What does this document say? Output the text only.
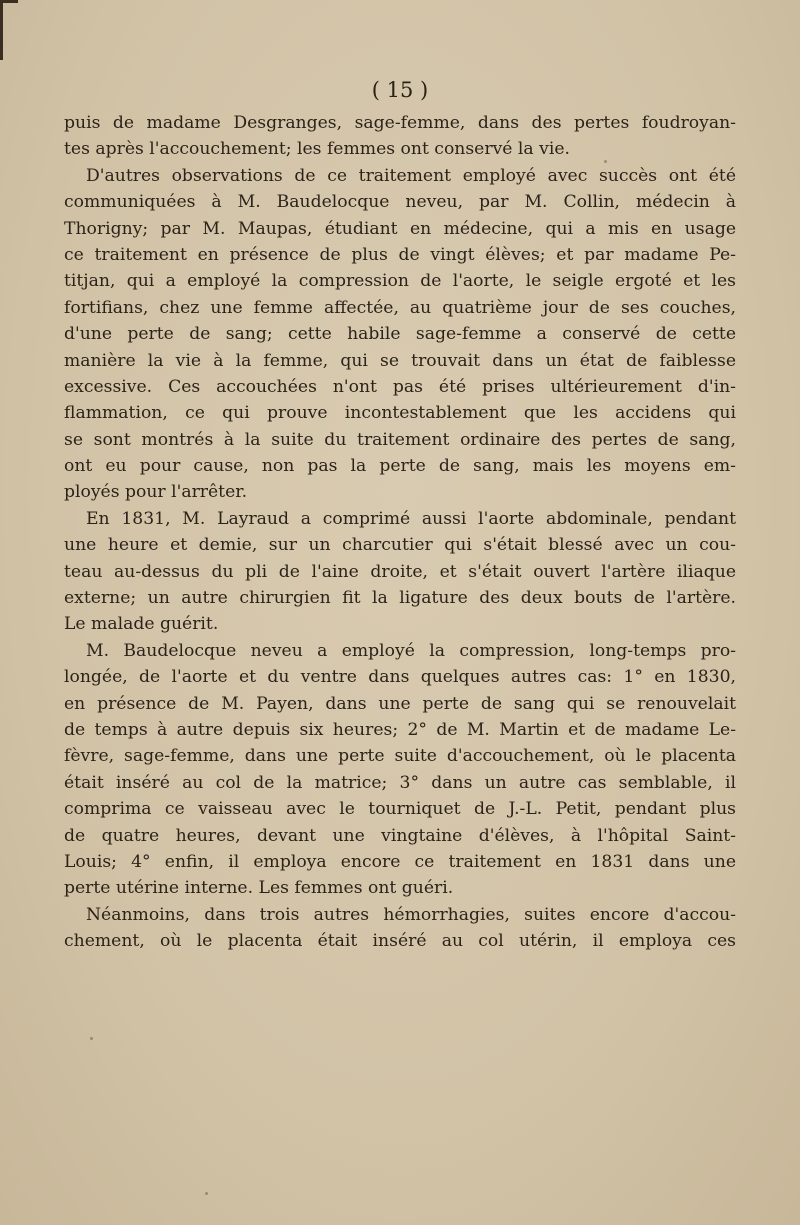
( 15 )
puis de madame Desgranges, sage-femme, dans des pertes foudroyan-
tes après l'accouchement; les femmes ont conservé la vie.
D'autres observations de ce traitement employé avec succès ont été
communiquées à M. Baudelocque neveu, par M. Collin, médecin à
Thorigny; par M. Maupas, étudiant en médecine, qui a mis en usage
ce traitement en présence de plus de vingt élèves; et par madame Pe-
titjan, qui a employé la compression de l'aorte, le seigle ergoté et les
fortifians, chez une femme affectée, au quatrième jour de ses couches,
d'une perte de sang; cette habile sage-femme a conservé de cette
manière la vie à la femme, qui se trouvait dans un état de faiblesse
excessive. Ces accouchées n'ont pas été prises ultérieurement d'in-
flammation, ce qui prouve incontestablement que les accidens qui
se sont montrés à la suite du traitement ordinaire des pertes de sang,
ont eu pour cause, non pas la perte de sang, mais les moyens em-
ployés pour l'arrêter.
En 1831, M. Layraud a comprimé aussi l'aorte abdominale, pendant
une heure et demie, sur un charcutier qui s'était blessé avec un cou-
teau au-dessus du pli de l'aine droite, et s'était ouvert l'artère iliaque
externe; un autre chirurgien fit la ligature des deux bouts de l'artère.
Le malade guérit.
M. Baudelocque neveu a employé la compression, long-temps pro-
longée, de l'aorte et du ventre dans quelques autres cas: 1° en 1830,
en présence de M. Payen, dans une perte de sang qui se renouvelait
de temps à autre depuis six heures; 2° de M. Martin et de madame Le-
fèvre, sage-femme, dans une perte suite d'accouchement, où le placenta
était inséré au col de la matrice; 3° dans un autre cas semblable, il
comprima ce vaisseau avec le tourniquet de J.-L. Petit, pendant plus
de quatre heures, devant une vingtaine d'élèves, à l'hôpital Saint-
Louis; 4° enfin, il employa encore ce traitement en 1831 dans une
perte utérine interne. Les femmes ont guéri.
Néanmoins, dans trois autres hémorrhagies, suites encore d'accou-
chement, où le placenta était inséré au col utérin, il employa ces
